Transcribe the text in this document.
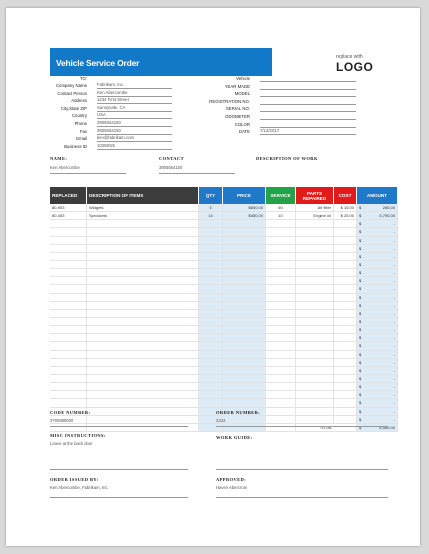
Vehicle Service Order
replace with
LOGO
TO:
Company Name Fabrikam, Inc.
Contact Person Ken Abercombe
Address 1234 First Street
City,State ZIP Sunnyvale, CA
Country USA
Phone 3905554150
Fax 3905554150
Email ken@fabrikam.com
Business ID 1025EN5
Vehicle
YEAR MADE
MODEL
REGISTRATION NO.
SERIAL NO.
ODOMETER
COLOR
DATE 7/12/2017
NAME:
Ken Abercombe
CONTACT
3905554150
DESCRIPTION OF WORK
REPLACED	DESCRIPTION OF ITEMS	QTY	PRICE	SERVICE	PARTS REPAIRED	COST	AMOUNT
80-903	Widgets	3	$600.00	50	Air filter	$ 15.00	$ 285.00
80-453	Sprockets	14	$450.00	10	Engine oil	$ 25.00	$ 5,795.00

							$ -

							$ -

							$ -

							$ -

							$ -

							$ -

							$ -

							$ -

							$ -

							$ -

							$ -

							$ -

							$ -

							$ -

							$ -

							$ -

							$ -

							$ -

							$ -

							$ -

							$ -

							$ -

							$ -

							$ -

							$ -
					TOTAL		$ 6,080.00
CODE NUMBER:
3780889000
ORDER NUMBER:
2234
MISC INSTRUCTIONS:
Leave at the back door
WORK GUIDE:
ORDER ISSUED BY:
Ken Abercombe, Fabrikam, Inc.
APPROVED:
Haven Abercrom
